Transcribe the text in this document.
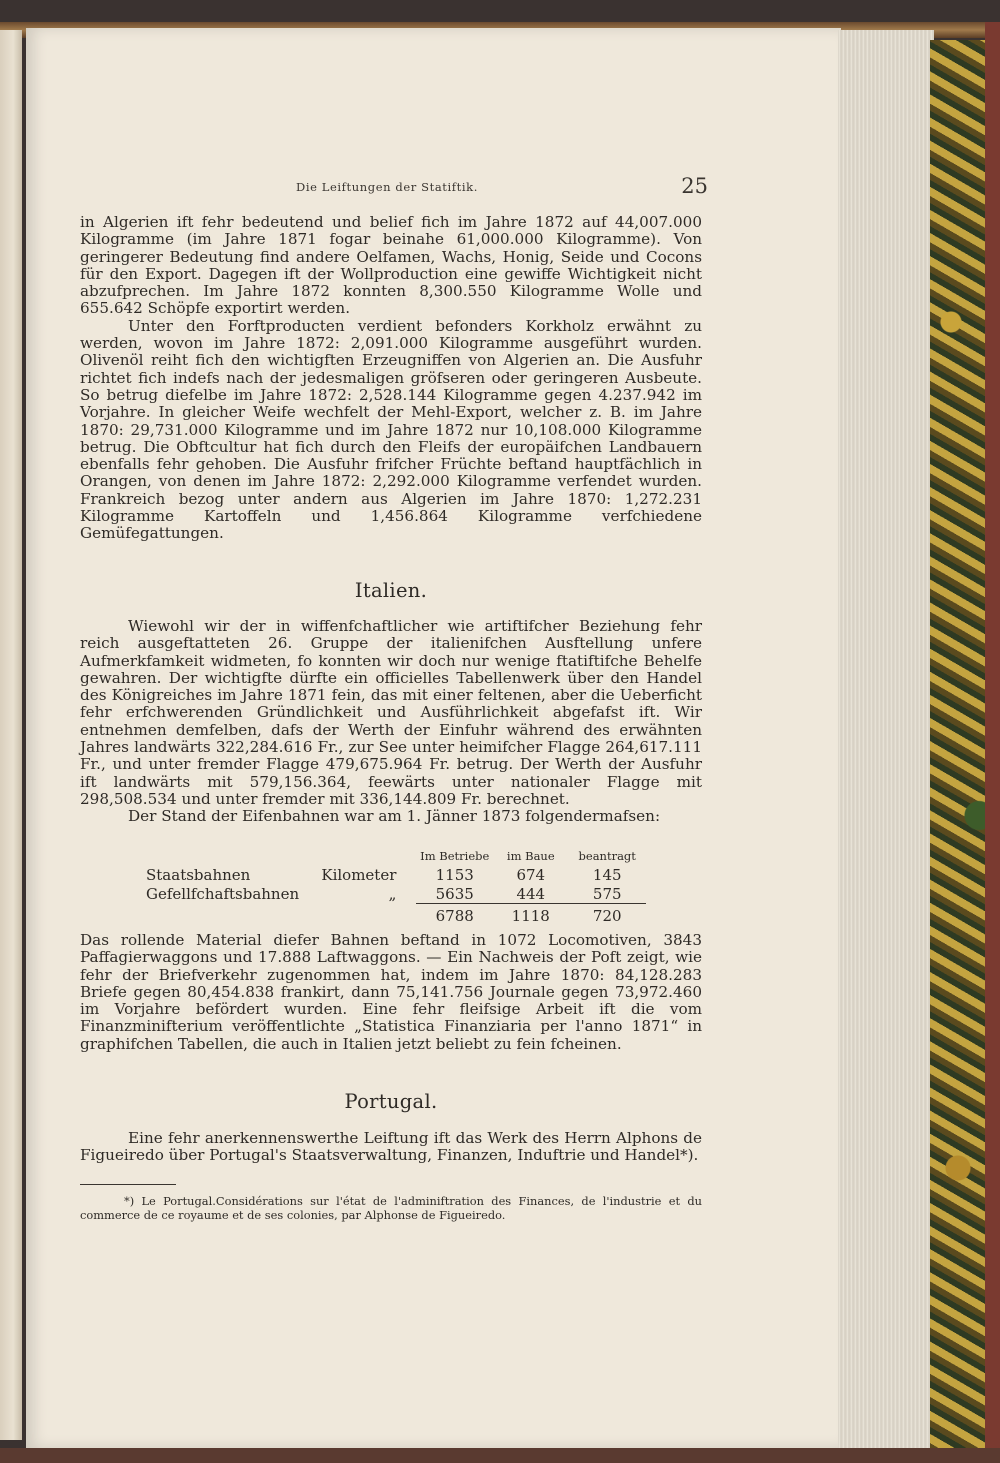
Die Leiftungen der Statiftik.	25

in Algerien ift fehr bedeutend und belief fich im Jahre 1872 auf 44,007.000 Kilogramme (im Jahre 1871 fogar beinahe 61,000.000 Kilogramme). Von geringerer Bedeutung find andere Oelfamen, Wachs, Honig, Seide und Cocons für den Export. Dagegen ift der Wollproduction eine gewiffe Wichtigkeit nicht abzufprechen. Im Jahre 1872 konnten 8,300.550 Kilogramme Wolle und 655.642 Schöpfe exportirt werden.

Unter den Forftproducten verdient befonders Korkholz erwähnt zu werden, wovon im Jahre 1872: 2,091.000 Kilogramme ausgeführt wurden. Olivenöl reiht fich den wichtigften Erzeugniffen von Algerien an. Die Ausfuhr richtet fich indefs nach der jedesmaligen gröfseren oder geringeren Ausbeute. So betrug diefelbe im Jahre 1872: 2,528.144 Kilogramme gegen 4.237.942 im Vorjahre. In gleicher Weife wechfelt der Mehl-Export, welcher z. B. im Jahre 1870: 29,731.000 Kilogramme und im Jahre 1872 nur 10,108.000 Kilogramme betrug. Die Obftcultur hat fich durch den Fleifs der europäifchen Landbauern ebenfalls fehr gehoben. Die Ausfuhr frifcher Früchte beftand hauptfächlich in Orangen, von denen im Jahre 1872: 2,292.000 Kilogramme verfendet wurden. Frankreich bezog unter andern aus Algerien im Jahre 1870: 1,272.231 Kilogramme Kartoffeln und 1,456.864 Kilogramme verfchiedene Gemüfegattungen.

Italien.

Wiewohl wir der in wiffenfchaftlicher wie artiftifcher Beziehung fehr reich ausgeftatteten 26. Gruppe der italienifchen Ausftellung unfere Aufmerkfamkeit widmeten, fo konnten wir doch nur wenige ftatiftifche Behelfe gewahren. Der wichtigfte dürfte ein officielles Tabellenwerk über den Handel des Königreiches im Jahre 1871 fein, das mit einer feltenen, aber die Ueberficht fehr erfchwerenden Gründlichkeit und Ausführlichkeit abgefafst ift. Wir entnehmen demfelben, dafs der Werth der Einfuhr während des erwähnten Jahres landwärts 322,284.616 Fr., zur See unter heimifcher Flagge 264,617.111 Fr., und unter fremder Flagge 479,675.964 Fr. betrug. Der Werth der Ausfuhr ift landwärts mit 579,156.364, feewärts unter nationaler Flagge mit 298,508.534 und unter fremder mit 336,144.809 Fr. berechnet.

Der Stand der Eifenbahnen war am 1. Jänner 1873 folgendermafsen:

		Im Betriebe	im Baue	beantragt
Staatsbahnen	Kilometer	1153	674	145
Gefellfchaftsbahnen	„	5635	444	575
		6788	1118	720

Das rollende Material diefer Bahnen beftand in 1072 Locomotiven, 3843 Paffagierwaggons und 17.888 Laftwaggons. — Ein Nachweis der Poft zeigt, wie fehr der Briefverkehr zugenommen hat, indem im Jahre 1870: 84,128.283 Briefe gegen 80,454.838 frankirt, dann 75,141.756 Journale gegen 73,972.460 im Vorjahre befördert wurden. Eine fehr fleifsige Arbeit ift die vom Finanzminifterium veröffentlichte „Statistica Finanziaria per l'anno 1871“ in graphifchen Tabellen, die auch in Italien jetzt beliebt zu fein fcheinen.

Portugal.

Eine fehr anerkennenswerthe Leiftung ift das Werk des Herrn Alphons de Figueiredo über Portugal's Staatsverwaltung, Finanzen, Induftrie und Handel*).

*) Le Portugal.Considérations sur l'état de l'adminiftration des Finances, de l'industrie et du commerce de ce royaume et de ses colonies, par Alphonse de Figueiredo.
